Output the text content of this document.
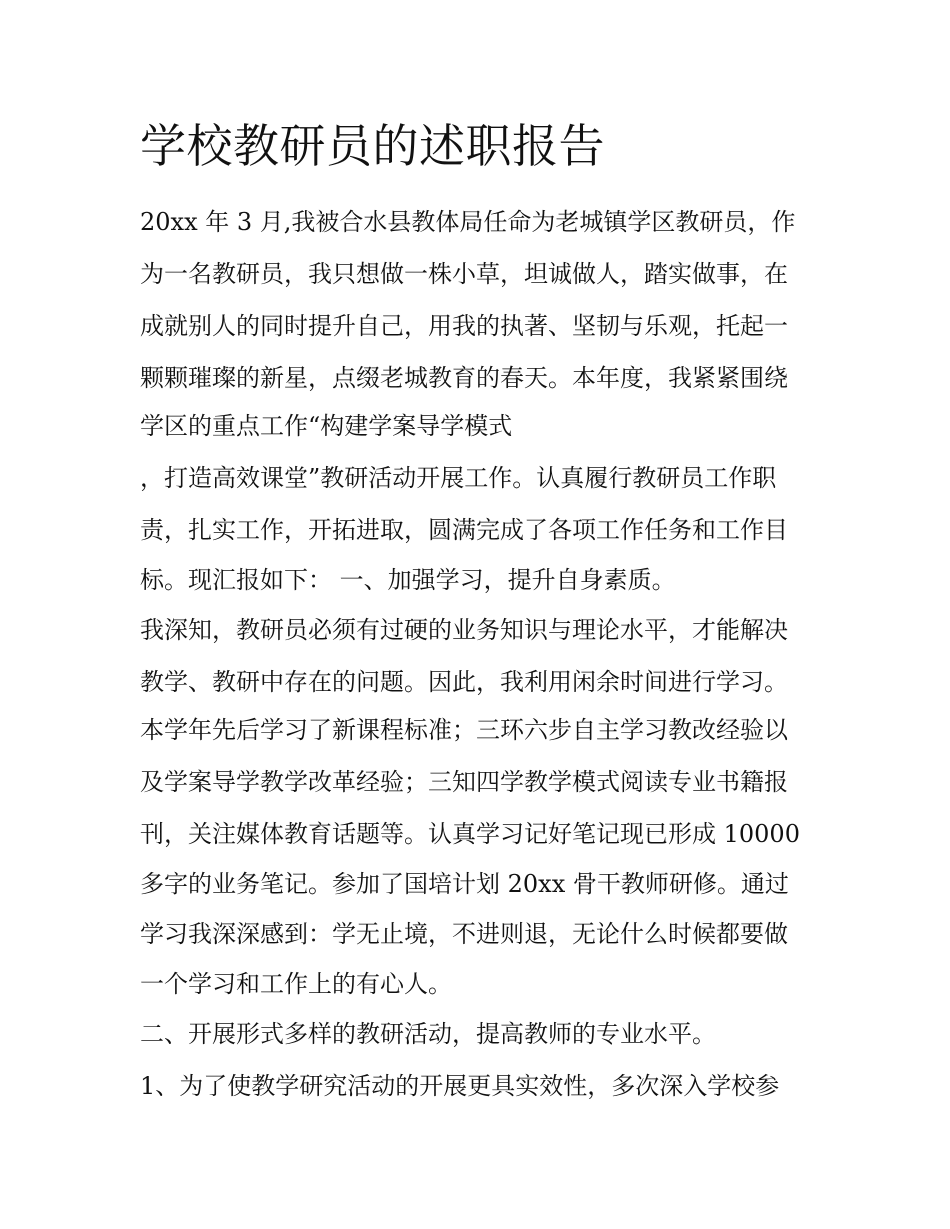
学校教研员的述职报告
20xx 年 3 月,我被合水县教体局任命为老城镇学区教研员，作
为一名教研员，我只想做一株小草，坦诚做人，踏实做事，在
成就别人的同时提升自己，用我的执著、坚韧与乐观，托起一
颗颗璀璨的新星，点缀老城教育的春天。本年度，我紧紧围绕
学区的重点工作“构建学案导学模式
，打造高效课堂”教研活动开展工作。认真履行教研员工作职
责，扎实工作，开拓进取，圆满完成了各项工作任务和工作目
标。现汇报如下： 一、加强学习，提升自身素质。
我深知，教研员必须有过硬的业务知识与理论水平，才能解决
教学、教研中存在的问题。因此，我利用闲余时间进行学习。
本学年先后学习了新课程标准；三环六步自主学习教改经验以
及学案导学教学改革经验；三知四学教学模式阅读专业书籍报
刊，关注媒体教育话题等。认真学习记好笔记现已形成 10000
多字的业务笔记。参加了国培计划 20xx 骨干教师研修。通过
学习我深深感到：学无止境，不进则退，无论什么时候都要做
一个学习和工作上的有心人。
二、开展形式多样的教研活动，提高教师的专业水平。
1、为了使教学研究活动的开展更具实效性，多次深入学校参
